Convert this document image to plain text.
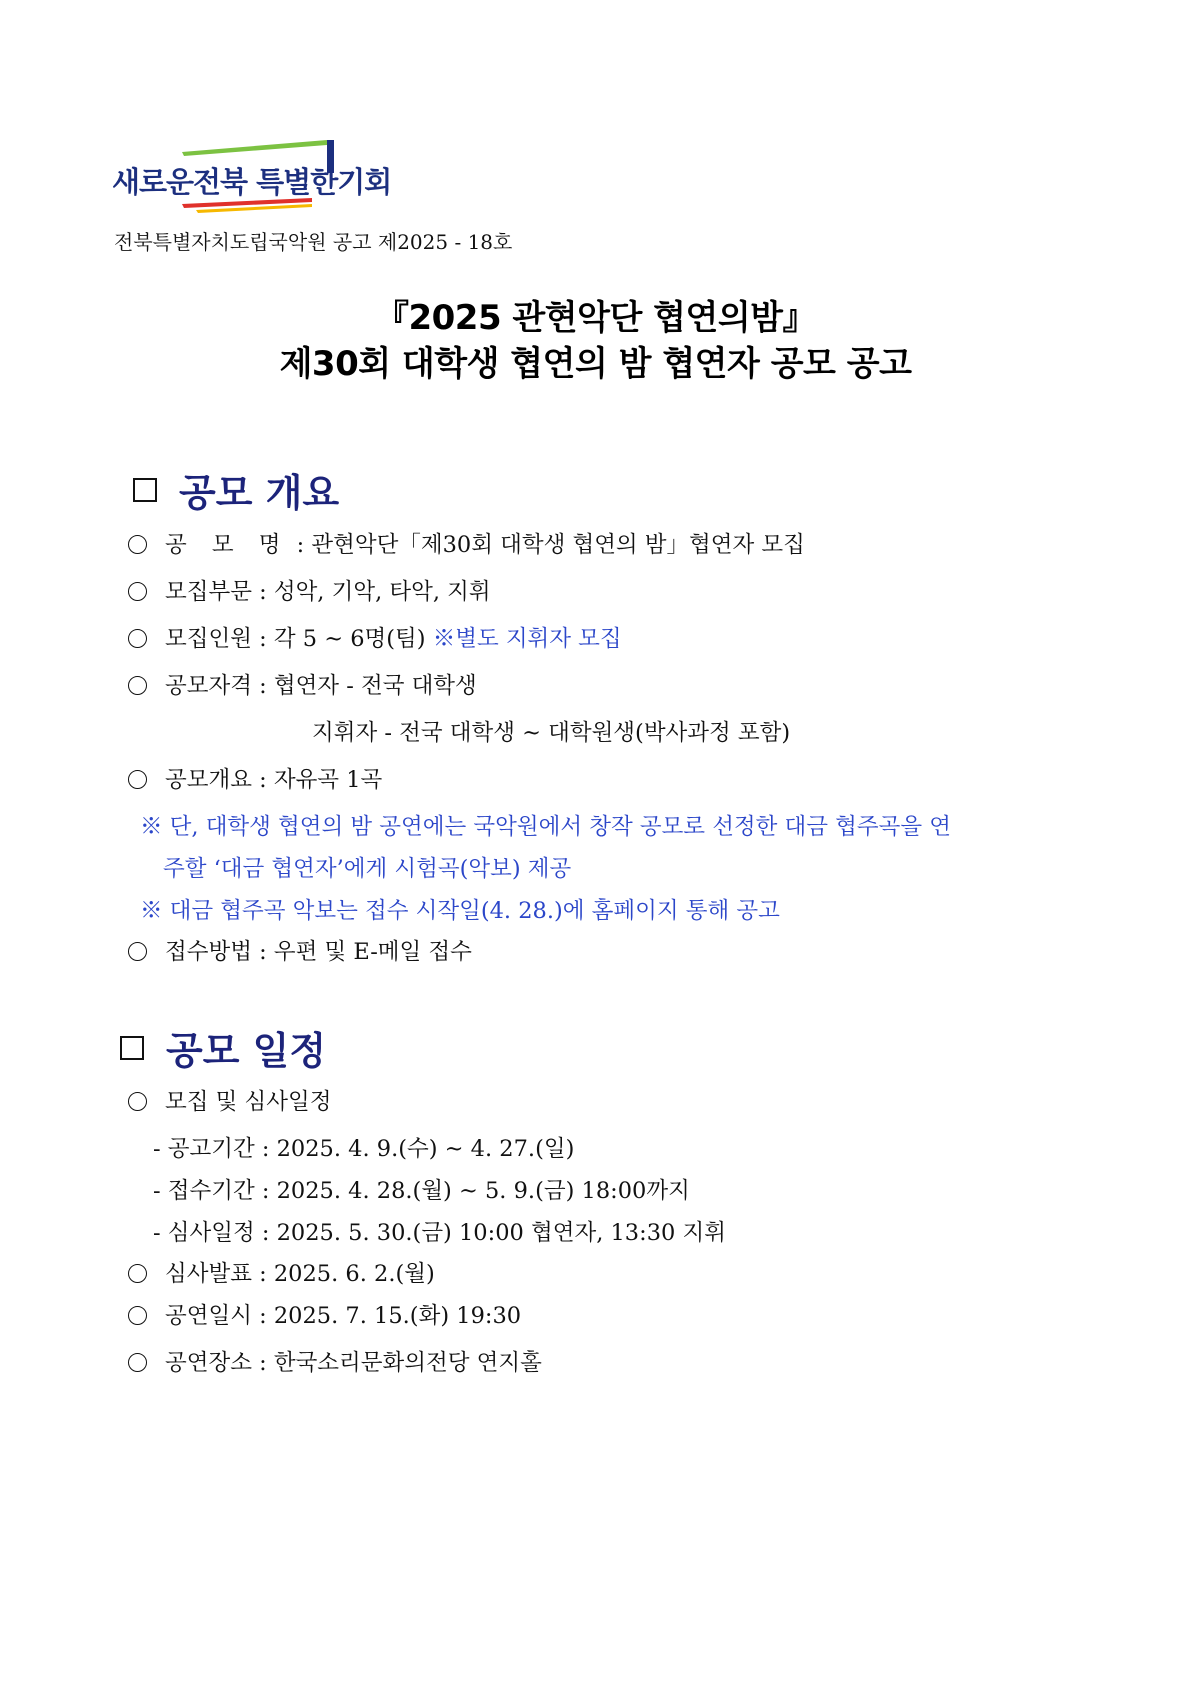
새로운전북 특별한기회
전북특별자치도립국악원 공고 제2025 - 18호
『2025 관현악단 협연의밤』
제30회 대학생 협연의 밤 협연자 공모 공고
공모 개요
공 모 명 : 관현악단「제30회 대학생 협연의 밤」협연자 모집
모집부문 : 성악, 기악, 타악, 지휘
모집인원 : 각 5 ~ 6명(팀) ※별도 지휘자 모집
공모자격 : 협연자 - 전국 대학생
지휘자 - 전국 대학생 ~ 대학원생(박사과정 포함)
공모개요 : 자유곡 1곡
※ 단, 대학생 협연의 밤 공연에는 국악원에서 창작 공모로 선정한 대금 협주곡을 연
주할 ‘대금 협연자’에게 시험곡(악보) 제공
※ 대금 협주곡 악보는 접수 시작일(4. 28.)에 홈페이지 통해 공고
접수방법 : 우편 및 E-메일 접수
공모 일정
모집 및 심사일정
- 공고기간 : 2025. 4. 9.(수) ~ 4. 27.(일)
- 접수기간 : 2025. 4. 28.(월) ~ 5. 9.(금) 18:00까지
- 심사일정 : 2025. 5. 30.(금) 10:00 협연자, 13:30 지휘
심사발표 : 2025. 6. 2.(월)
공연일시 : 2025. 7. 15.(화) 19:30
공연장소 : 한국소리문화의전당 연지홀
